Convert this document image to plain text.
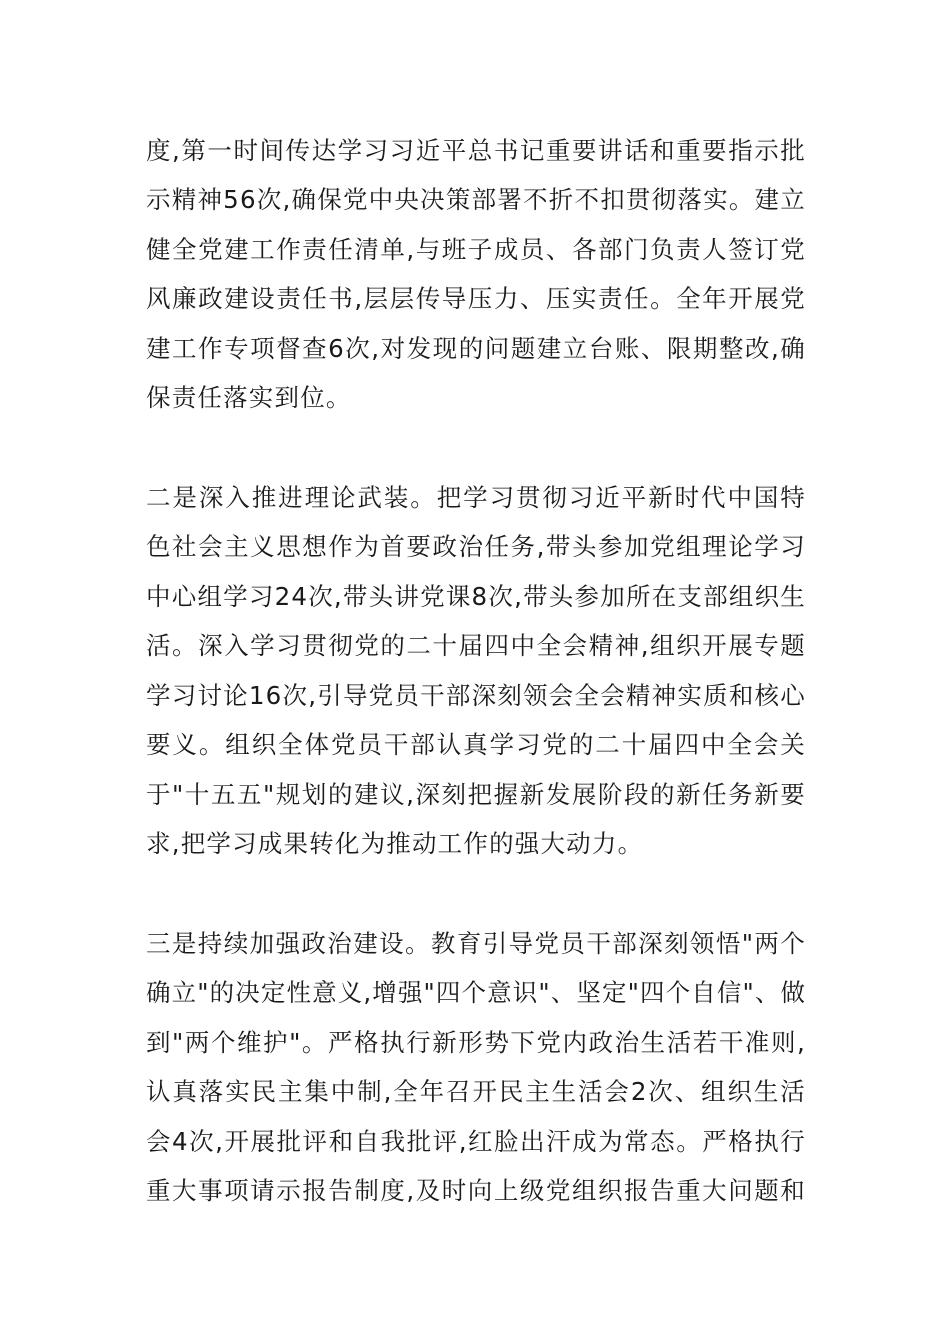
度,第一时间传达学习习近平总书记重要讲话和重要指示批
示精神56次,确保党中央决策部署不折不扣贯彻落实。建立
健全党建工作责任清单,与班子成员、各部门负责人签订党
风廉政建设责任书,层层传导压力、压实责任。全年开展党
建工作专项督查6次,对发现的问题建立台账、限期整改,确
保责任落实到位。
二是深入推进理论武装。把学习贯彻习近平新时代中国特
色社会主义思想作为首要政治任务,带头参加党组理论学习
中心组学习24次,带头讲党课8次,带头参加所在支部组织生
活。深入学习贯彻党的二十届四中全会精神,组织开展专题
学习讨论16次,引导党员干部深刻领会全会精神实质和核心
要义。组织全体党员干部认真学习党的二十届四中全会关
于"十五五"规划的建议,深刻把握新发展阶段的新任务新要
求,把学习成果转化为推动工作的强大动力。
三是持续加强政治建设。教育引导党员干部深刻领悟"两个
确立"的决定性意义,增强"四个意识"、坚定"四个自信"、做
到"两个维护"。严格执行新形势下党内政治生活若干准则,
认真落实民主集中制,全年召开民主生活会2次、组织生活
会4次,开展批评和自我批评,红脸出汗成为常态。严格执行
重大事项请示报告制度,及时向上级党组织报告重大问题和
